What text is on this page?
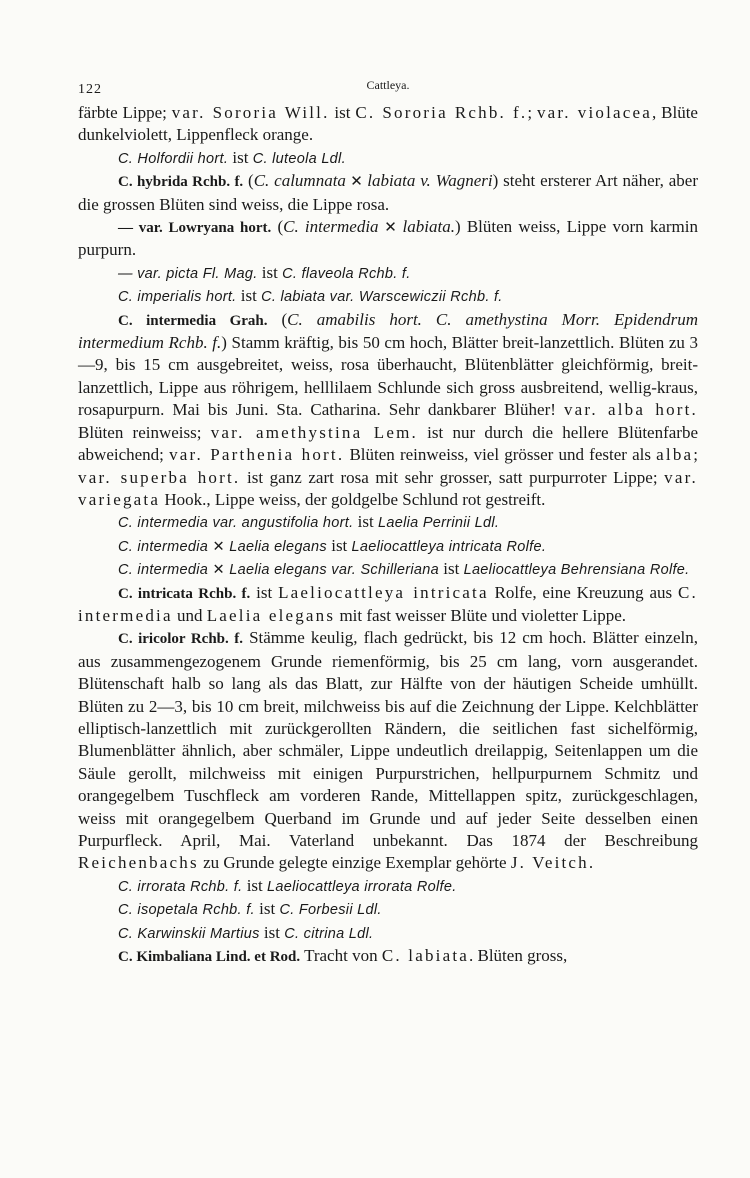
122	Cattleya.

färbte Lippe; var. Sororia Will. ist C. Sororia Rchb. f.; var. violacea, Blüte dunkelviolett, Lippenfleck orange.

C. Holfordii hort. ist C. luteola Ldl.

C. hybrida Rchb. f. (C. calumnata ✕ labiata v. Wagneri) steht ersterer Art näher, aber die grossen Blüten sind weiss, die Lippe rosa.

— var. Lowryana hort. (C. intermedia ✕ labiata.) Blüten weiss, Lippe vorn karmin purpurn.

— var. picta Fl. Mag. ist C. flaveola Rchb. f.

C. imperialis hort. ist C. labiata var. Warscewiczii Rchb. f.

C. intermedia Grah. (C. amabilis hort. C. amethystina Morr. Epidendrum intermedium Rchb. f.) Stamm kräftig, bis 50 cm hoch, Blätter breit-lanzettlich. Blüten zu 3—9, bis 15 cm ausgebreitet, weiss, rosa überhaucht, Blütenblätter gleichförmig, breit-lanzettlich, Lippe aus röhrigem, helllilaem Schlunde sich gross ausbreitend, wellig-kraus, rosapurpurn. Mai bis Juni. Sta. Catharina. Sehr dankbarer Blüher! var. alba hort. Blüten reinweiss; var. amethystina Lem. ist nur durch die hellere Blütenfarbe abweichend; var. Parthenia hort. Blüten reinweiss, viel grösser und fester als alba; var. superba hort. ist ganz zart rosa mit sehr grosser, satt purpurroter Lippe; var. variegata Hook., Lippe weiss, der goldgelbe Schlund rot gestreift.

C. intermedia var. angustifolia hort. ist Laelia Perrinii Ldl.

C. intermedia ✕ Laelia elegans ist Laeliocattleya intricata Rolfe.

C. intermedia ✕ Laelia elegans var. Schilleriana ist Laeliocattleya Behrensiana Rolfe.

C. intricata Rchb. f. ist Laeliocattleya intricata Rolfe, eine Kreuzung aus C. intermedia und Laelia elegans mit fast weisser Blüte und violetter Lippe.

C. iricolor Rchb. f. Stämme keulig, flach gedrückt, bis 12 cm hoch. Blätter einzeln, aus zusammengezogenem Grunde riemenförmig, bis 25 cm lang, vorn ausgerandet. Blütenschaft halb so lang als das Blatt, zur Hälfte von der häutigen Scheide umhüllt. Blüten zu 2—3, bis 10 cm breit, milchweiss bis auf die Zeichnung der Lippe. Kelchblätter elliptisch-lanzettlich mit zurückgerollten Rändern, die seitlichen fast sichelförmig, Blumenblätter ähnlich, aber schmäler, Lippe undeutlich dreilappig, Seitenlappen um die Säule gerollt, milchweiss mit einigen Purpurstrichen, hellpurpurnem Schmitz und orangegelbem Tuschfleck am vorderen Rande, Mittellappen spitz, zurückgeschlagen, weiss mit orangegelbem Querband im Grunde und auf jeder Seite desselben einen Purpurfleck. April, Mai. Vaterland unbekannt. Das 1874 der Beschreibung Reichenbachs zu Grunde gelegte einzige Exemplar gehörte J. Veitch.

C. irrorata Rchb. f. ist Laeliocattleya irrorata Rolfe.

C. isopetala Rchb. f. ist C. Forbesii Ldl.

C. Karwinskii Martius ist C. citrina Ldl.

C. Kimbaliana Lind. et Rod. Tracht von C. labiata. Blüten gross,
